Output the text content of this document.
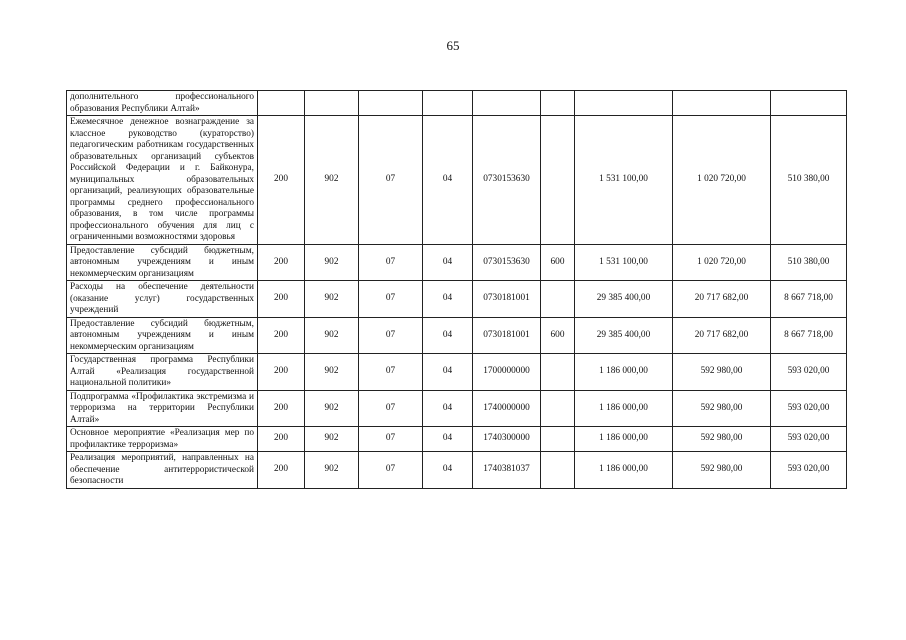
65
дополнительного профессионального образования Республики Алтай»									
Ежемесячное денежное вознаграждение за классное руководство (кураторство) педагогическим работникам государственных образовательных организаций субъектов Российской Федерации и г. Байконура, муниципальных образовательных организаций, реализующих образовательные программы среднего профессионального образования, в том числе программы профессионального обучения для лиц с ограниченными возможностями здоровья	200	902	07	04	0730153630		1 531 100,00	1 020 720,00	510 380,00
Предоставление субсидий бюджетным, автономным учреждениям и иным некоммерческим организациям	200	902	07	04	0730153630	600	1 531 100,00	1 020 720,00	510 380,00
Расходы на обеспечение деятельности (оказание услуг) государственных учреждений	200	902	07	04	0730181001		29 385 400,00	20 717 682,00	8 667 718,00
Предоставление субсидий бюджетным, автономным учреждениям и иным некоммерческим организациям	200	902	07	04	0730181001	600	29 385 400,00	20 717 682,00	8 667 718,00
Государственная программа Республики Алтай «Реализация государственной национальной политики»	200	902	07	04	1700000000		1 186 000,00	592 980,00	593 020,00
Подпрограмма «Профилактика экстремизма и терроризма на территории Республики Алтай»	200	902	07	04	1740000000		1 186 000,00	592 980,00	593 020,00
Основное мероприятие «Реализация мер по профилактике терроризма»	200	902	07	04	1740300000		1 186 000,00	592 980,00	593 020,00
Реализация мероприятий, направленных на обеспечение антитеррористической безопасности	200	902	07	04	1740381037		1 186 000,00	592 980,00	593 020,00
